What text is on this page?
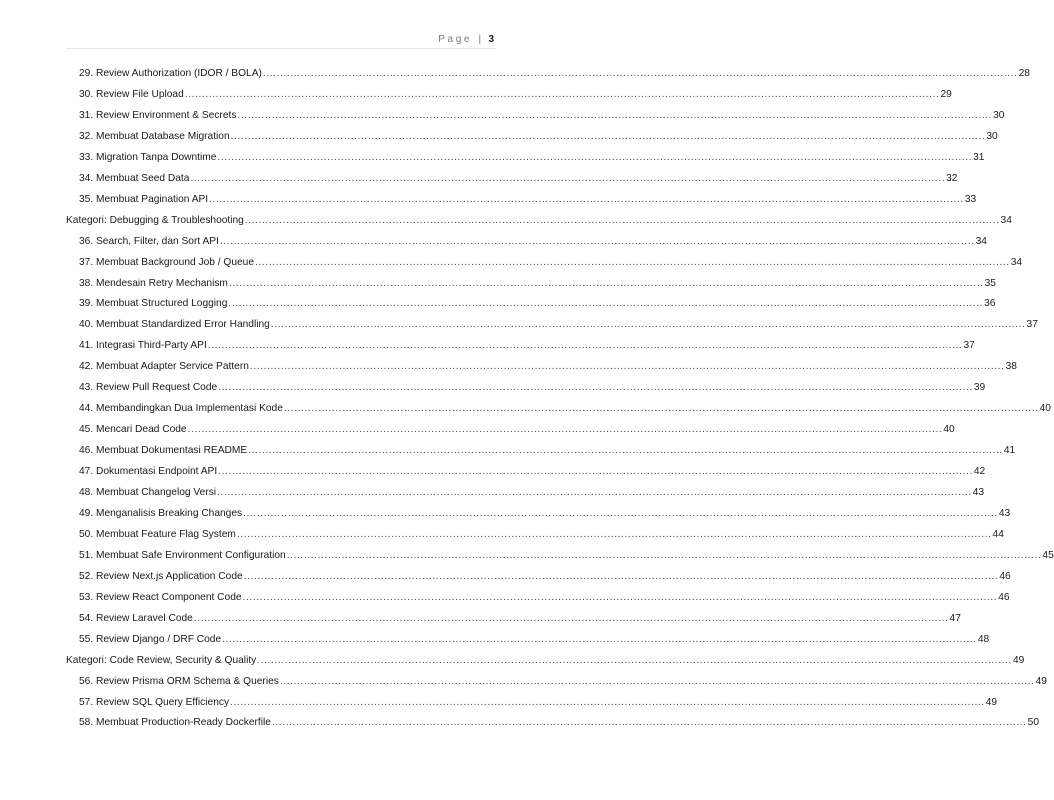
Page | 3
29. Review Authorization (IDOR / BOLA) ............................................................................................................................................................................................................................ 28
30. Review File Upload ............................................................................................................................................................................................................................ 29
31. Review Environment & Secrets ............................................................................................................................................................................................................................ 30
32. Membuat Database Migration ............................................................................................................................................................................................................................ 30
33. Migration Tanpa Downtime ............................................................................................................................................................................................................................ 31
34. Membuat Seed Data ............................................................................................................................................................................................................................ 32
35. Membuat Pagination API ............................................................................................................................................................................................................................ 33
Kategori: Debugging & Troubleshooting ............................................................................................................................................................................................................................ 34
36. Search, Filter, dan Sort API ............................................................................................................................................................................................................................ 34
37. Membuat Background Job / Queue ............................................................................................................................................................................................................................ 34
38. Mendesain Retry Mechanism ............................................................................................................................................................................................................................ 35
39. Membuat Structured Logging ............................................................................................................................................................................................................................ 36
40. Membuat Standardized Error Handling ............................................................................................................................................................................................................................ 37
41. Integrasi Third-Party API ............................................................................................................................................................................................................................ 37
42. Membuat Adapter Service Pattern ............................................................................................................................................................................................................................ 38
43. Review Pull Request Code ............................................................................................................................................................................................................................ 39
44. Membandingkan Dua Implementasi Kode ............................................................................................................................................................................................................................ 40
45. Mencari Dead Code ............................................................................................................................................................................................................................ 40
46. Membuat Dokumentasi README ............................................................................................................................................................................................................................ 41
47. Dokumentasi Endpoint API ............................................................................................................................................................................................................................ 42
48. Membuat Changelog Versi ............................................................................................................................................................................................................................ 43
49. Menganalisis Breaking Changes ............................................................................................................................................................................................................................ 43
50. Membuat Feature Flag System ............................................................................................................................................................................................................................ 44
51. Membuat Safe Environment Configuration ............................................................................................................................................................................................................................ 45
52. Review Next.js Application Code ............................................................................................................................................................................................................................ 46
53. Review React Component Code ............................................................................................................................................................................................................................ 46
54. Review Laravel Code ............................................................................................................................................................................................................................ 47
55. Review Django / DRF Code ............................................................................................................................................................................................................................ 48
Kategori: Code Review, Security & Quality ............................................................................................................................................................................................................................ 49
56. Review Prisma ORM Schema & Queries ............................................................................................................................................................................................................................ 49
57. Review SQL Query Efficiency ............................................................................................................................................................................................................................ 49
58. Membuat Production-Ready Dockerfile ............................................................................................................................................................................................................................ 50
